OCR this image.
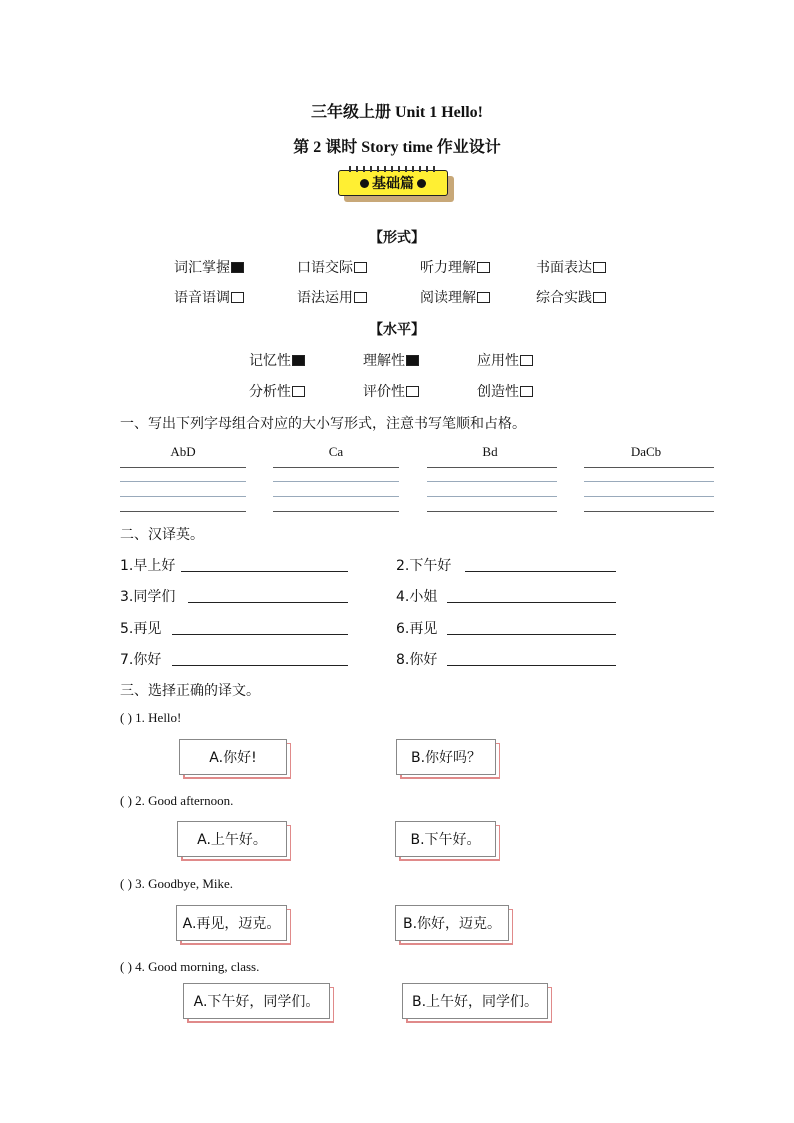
三年级上册 Unit 1 Hello!
第 2 课时 Story time 作业设计
基础篇
【形式】
词汇掌握	口语交际	听力理解	书面表达
语音语调	语法运用	阅读理解	综合实践
【水平】
记忆性	理解性	应用性
分析性	评价性	创造性
一、写出下列字母组合对应的大小写形式，注意书写笔顺和占格。
AbD	Ca	Bd	DaCb
二、汉译英。
1.早上好	2.下午好
3.同学们	4.小姐
5.再见	6.再见
7.你好	8.你好
三、选择正确的译文。
( ) 1. Hello!
A.你好!	B.你好吗？
( ) 2. Good afternoon.
A.上午好。	B.下午好。
( ) 3. Goodbye, Mike.
A.再见，迈克。	B.你好，迈克。
( ) 4. Good morning, class.
A.下午好，同学们。	B.上午好，同学们。
